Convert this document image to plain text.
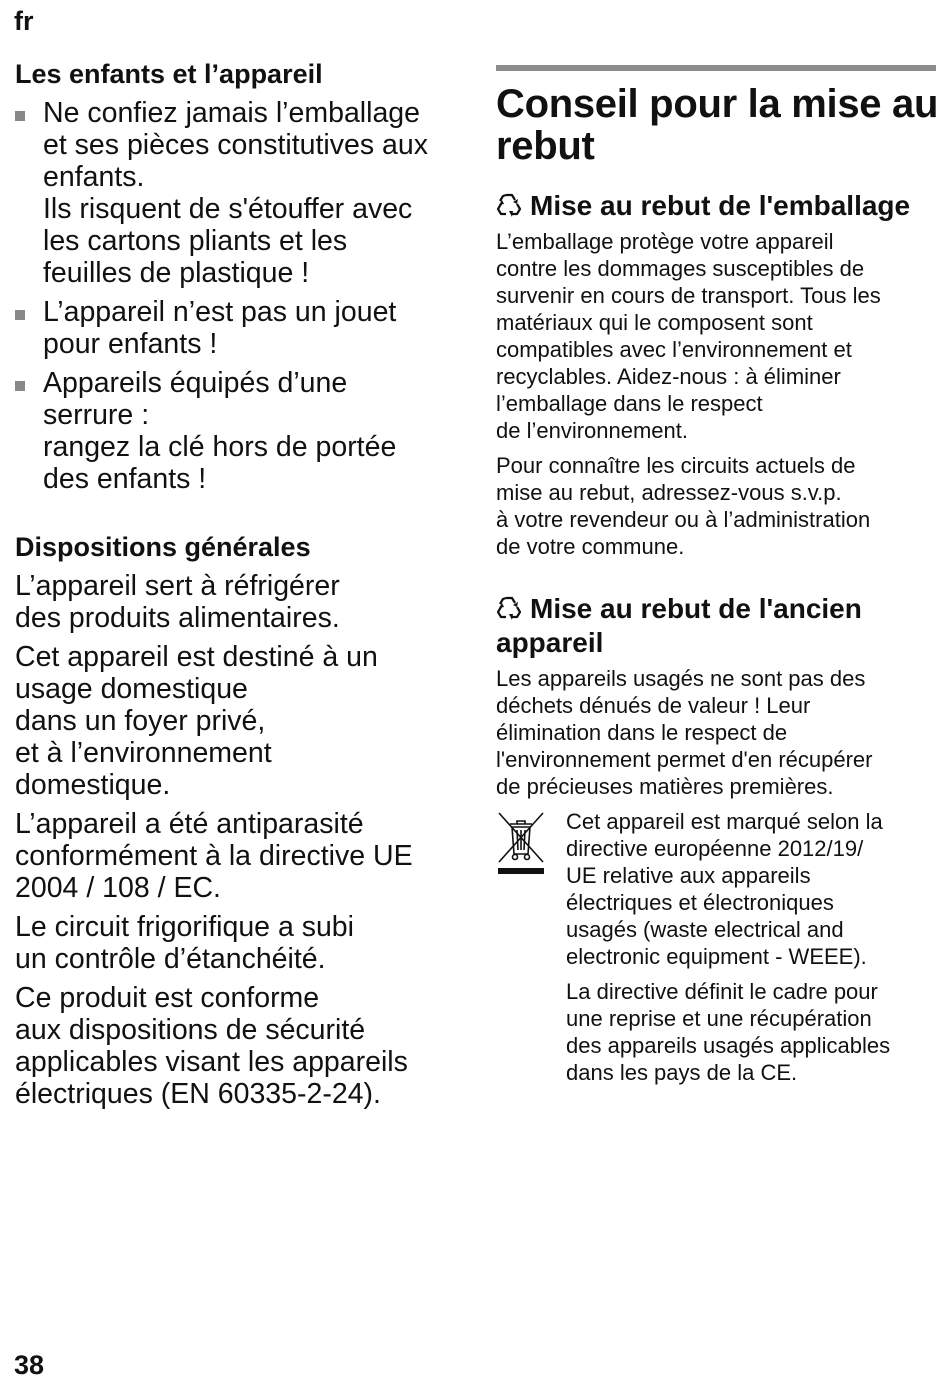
fr
Les enfants et l’appareil
Ne confiez jamais l’emballage
et ses pièces constitutives aux
enfants.
Ils risquent de s'étouffer avec
les cartons pliants et les
feuilles de plastique !
L’appareil n’est pas un jouet
pour enfants !
Appareils équipés d’une
serrure :
rangez la clé hors de portée
des enfants !
Dispositions générales
L’appareil sert à réfrigérer
des produits alimentaires.
Cet appareil est destiné à un
usage domestique
dans un foyer privé,
et à l’environnement
domestique.
L’appareil a été antiparasité
conformément à la directive UE
2004 / 108 / EC.
Le circuit frigorifique a subi
un contrôle d’étanchéité.
Ce produit est conforme
aux dispositions de sécurité
applicables visant les appareils
électriques (EN 60335-2-24).
Conseil pour la mise au
rebut
Mise au rebut de l'emballage
L’emballage protège votre appareil
contre les dommages susceptibles de
survenir en cours de transport. Tous les
matériaux qui le composent sont
compatibles avec l’environnement et
recyclables. Aidez-nous : à éliminer
l’emballage dans le respect
de l’environnement.
Pour connaître les circuits actuels de
mise au rebut, adressez-vous s.v.p.
à votre revendeur ou à l’administration
de votre commune.
Mise au rebut de l'ancien
appareil
Les appareils usagés ne sont pas des
déchets dénués de valeur ! Leur
élimination dans le respect de
l'environnement permet d'en récupérer
de précieuses matières premières.
Cet appareil est marqué selon la
directive européenne 2012/19/
UE relative aux appareils
électriques et électroniques
usagés (waste electrical and
electronic equipment - WEEE).
La directive définit le cadre pour
une reprise et une récupération
des appareils usagés applicables
dans les pays de la CE.
38
